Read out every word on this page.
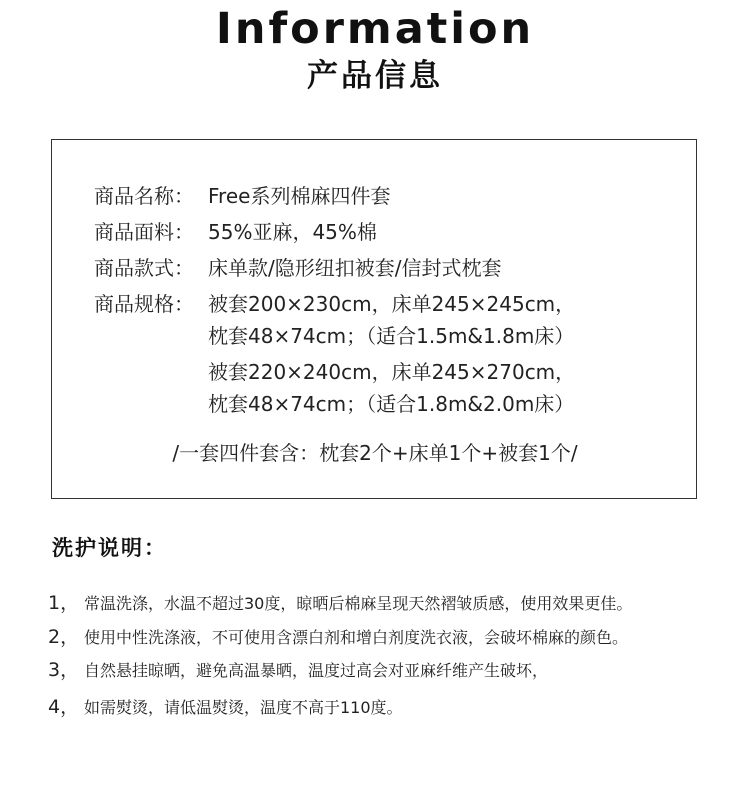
Information
产品信息
商品名称： Free系列棉麻四件套
商品面料： 55%亚麻，45%棉
商品款式： 床单款/隐形纽扣被套/信封式枕套
商品规格： 被套200×230cm，床单245×245cm，
枕套48×74cm；（适合1.5m&1.8m床）
被套220×240cm，床单245×270cm，
枕套48×74cm；（适合1.8m&2.0m床）
/一套四件套含：枕套2个+床单1个+被套1个/
洗护说明：
1， 常温洗涤，水温不超过30度，晾晒后棉麻呈现天然褶皱质感，使用效果更佳。
2， 使用中性洗涤液，不可使用含漂白剂和增白剂度洗衣液，会破坏棉麻的颜色。
3， 自然悬挂晾晒，避免高温暴晒，温度过高会对亚麻纤维产生破坏，
4， 如需熨烫，请低温熨烫，温度不高于110度。
